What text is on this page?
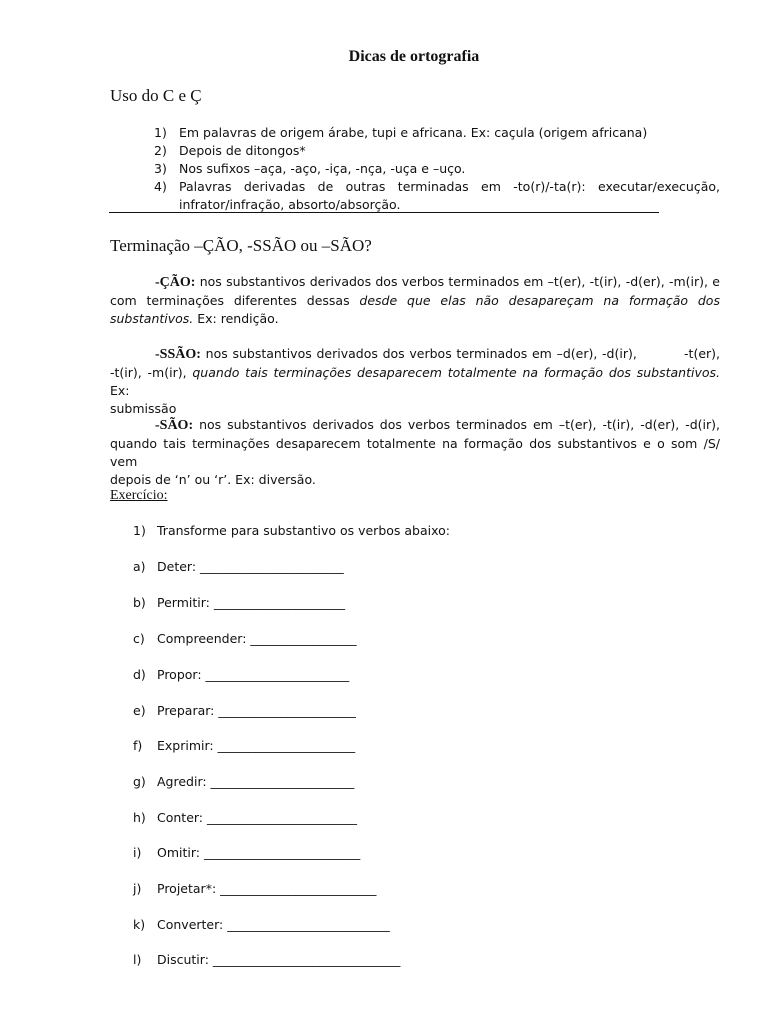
Dicas de ortografia
Uso do C e Ç
1) Em palavras de origem árabe, tupi e africana. Ex: caçula (origem africana)
2) Depois de ditongos*
3) Nos sufixos –aça, -aço, -iça, -nça, -uça e –uço.
4) Palavras derivadas de outras terminadas em -to(r)/-ta(r): executar/execução,
infrator/infração, absorto/absorção.
Terminação –ÇÃO, -SSÃO ou –SÃO?
-ÇÃO: nos substantivos derivados dos verbos terminados em –t(er), -t(ir), -d(er), -m(ir), e
com terminações diferentes dessas desde que elas não desapareçam na formação dos
substantivos. Ex: rendição.
-SSÃO: nos substantivos derivados dos verbos terminados em –d(er), -d(ir),          -t(er),
-t(ir), -m(ir), quando tais terminações desaparecem totalmente na formação dos substantivos. Ex:
submissão
-SÃO: nos substantivos derivados dos verbos terminados em –t(er), -t(ir), -d(er), -d(ir),
quando tais terminações desaparecem totalmente na formação dos substantivos e o som /S/ vem
depois de ‘n’ ou ‘r’. Ex: diversão.
Exercício:
1) Transforme para substantivo os verbos abaixo:
a) Deter: _______________________
b) Permitir: _____________________
c) Compreender: _________________
d) Propor: _______________________
e) Preparar: ______________________
f) Exprimir: ______________________
g) Agredir: _______________________
h) Conter: ________________________
i) Omitir: _________________________
j) Projetar*: _________________________
k) Converter: __________________________
l) Discutir: ______________________________
